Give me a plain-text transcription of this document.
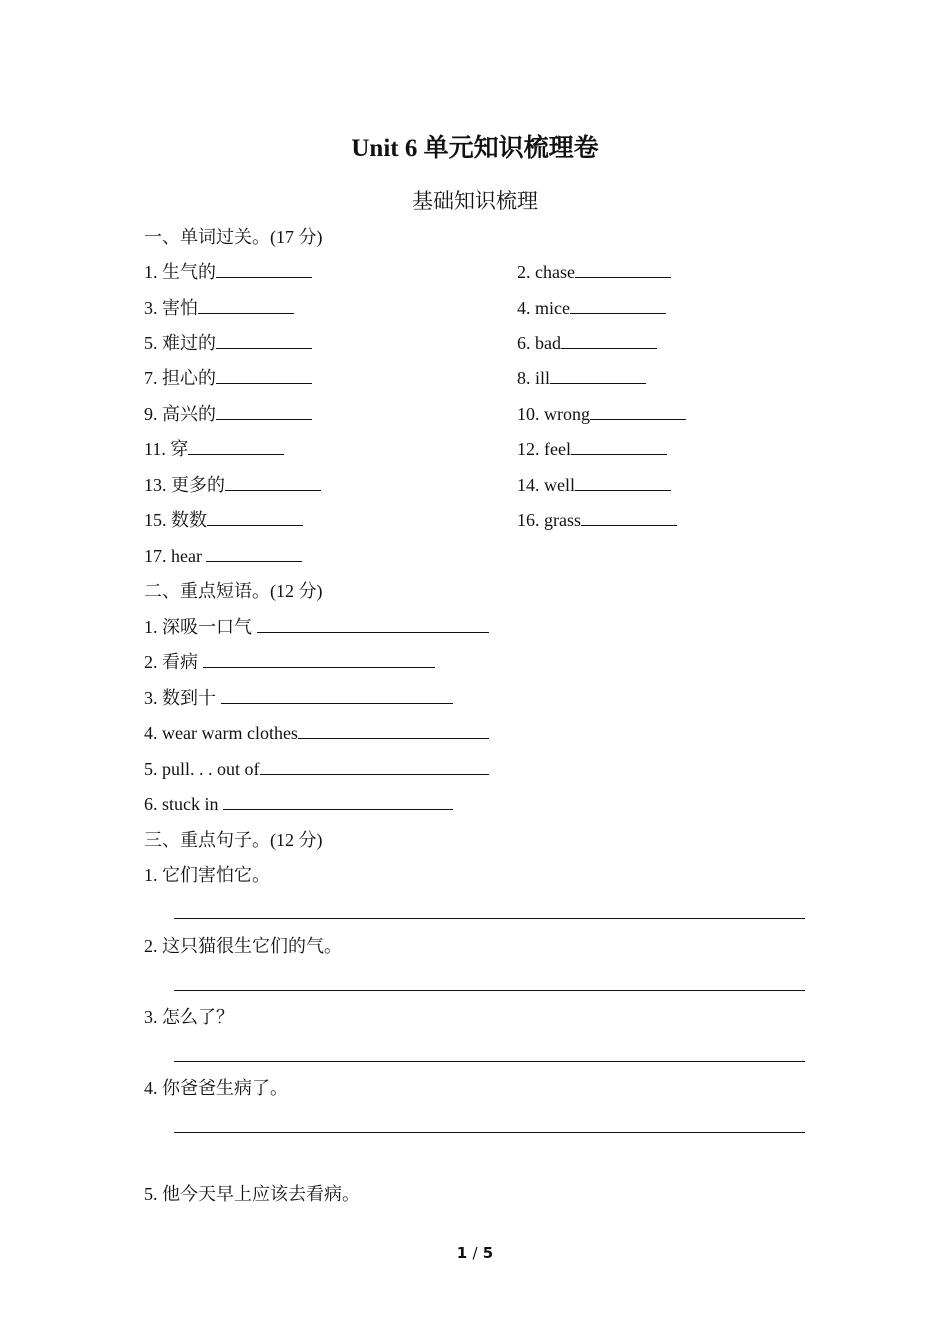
Unit 6 单元知识梳理卷
基础知识梳理
一、单词过关。(17 分)
1. 生气的	2. chase
3. 害怕	4. mice
5. 难过的	6. bad
7. 担心的	8. ill
9. 高兴的	10. wrong
11. 穿	12. feel
13. 更多的	14. well
15. 数数	16. grass
17. hear
二、重点短语。(12 分)
1. 深吸一口气
2. 看病
3. 数到十
4. wear warm clothes
5. pull. . . out of
6. stuck in
三、重点句子。(12 分)
1. 它们害怕它。
2. 这只猫很生它们的气。
3. 怎么了？
4. 你爸爸生病了。
5. 他今天早上应该去看病。
1 / 5
